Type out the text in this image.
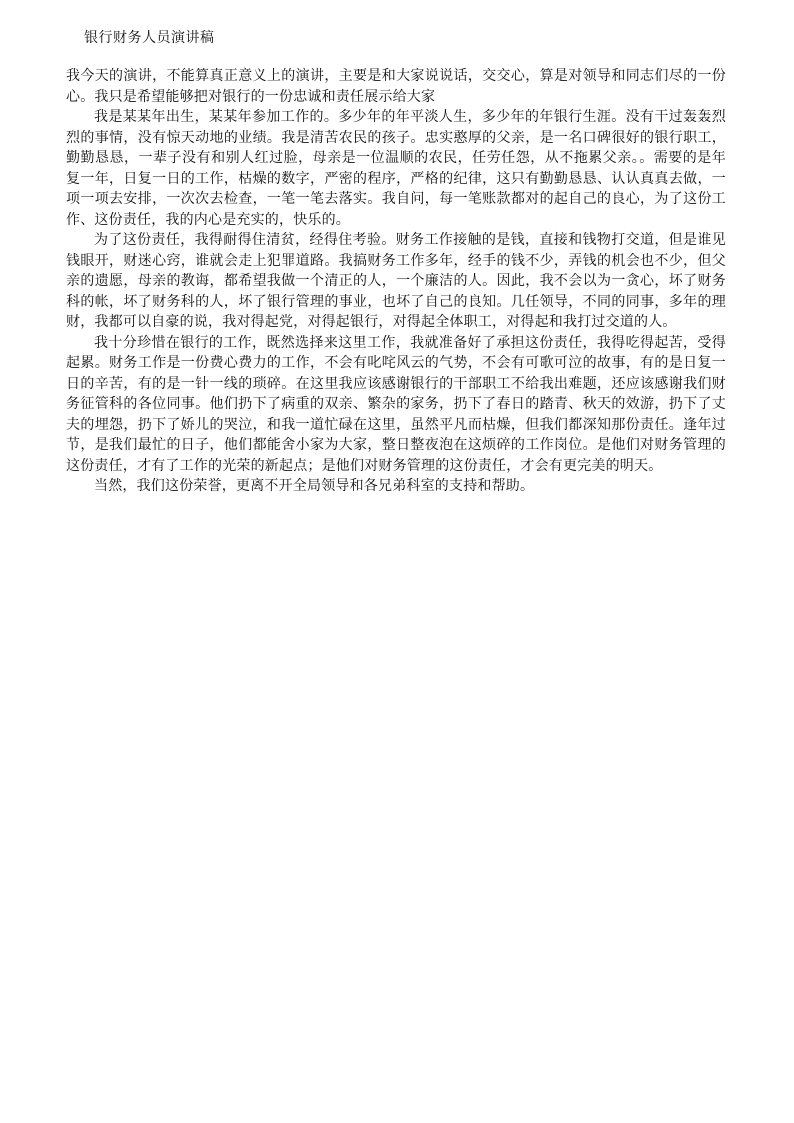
银行财务人员演讲稿

我今天的演讲，不能算真正意义上的演讲，主要是和大家说说话，交交心，算是对领导和同志们尽的一份心。我只是希望能够把对银行的一份忠诚和责任展示给大家

我是某某年出生，某某年参加工作的。多少年的年平淡人生，多少年的年银行生涯。没有干过轰轰烈烈的事情，没有惊天动地的业绩。我是清苦农民的孩子。忠实憨厚的父亲，是一名口碑很好的银行职工，勤勤恳恳，一辈子没有和别人红过脸，母亲是一位温顺的农民，任劳任怨，从不拖累父亲。。需要的是年复一年，日复一日的工作，枯燥的数字，严密的程序，严格的纪律，这只有勤勤恳恳、认认真真去做，一项一项去安排，一次次去检查，一笔一笔去落实。我自问，每一笔账款都对的起自己的良心，为了这份工作、这份责任，我的内心是充实的，快乐的。

为了这份责任，我得耐得住清贫，经得住考验。财务工作接触的是钱，直接和钱物打交道，但是谁见钱眼开，财迷心窍，谁就会走上犯罪道路。我搞财务工作多年，经手的钱不少，弄钱的机会也不少，但父亲的遗愿，母亲的教诲，都希望我做一个清正的人，一个廉洁的人。因此，我不会以为一贪心，坏了财务科的帐，坏了财务科的人，坏了银行管理的事业，也坏了自己的良知。几任领导，不同的同事，多年的理财，我都可以自豪的说，我对得起党，对得起银行，对得起全体职工，对得起和我打过交道的人。

我十分珍惜在银行的工作，既然选择来这里工作，我就准备好了承担这份责任，我得吃得起苦，受得起累。财务工作是一份费心费力的工作，不会有叱咤风云的气势，不会有可歌可泣的故事，有的是日复一日的辛苦，有的是一针一线的琐碎。在这里我应该感谢银行的干部职工不给我出难题，还应该感谢我们财务征管科的各位同事。他们扔下了病重的双亲、繁杂的家务，扔下了春日的踏青、秋天的效游，扔下了丈夫的埋怨，扔下了娇儿的哭泣，和我一道忙碌在这里，虽然平凡而枯燥，但我们都深知那份责任。逢年过节，是我们最忙的日子，他们都能舍小家为大家，整日整夜泡在这烦碎的工作岗位。是他们对财务管理的这份责任，才有了工作的光荣的新起点；是他们对财务管理的这份责任，才会有更完美的明天。

当然，我们这份荣誉，更离不开全局领导和各兄弟科室的支持和帮助。
